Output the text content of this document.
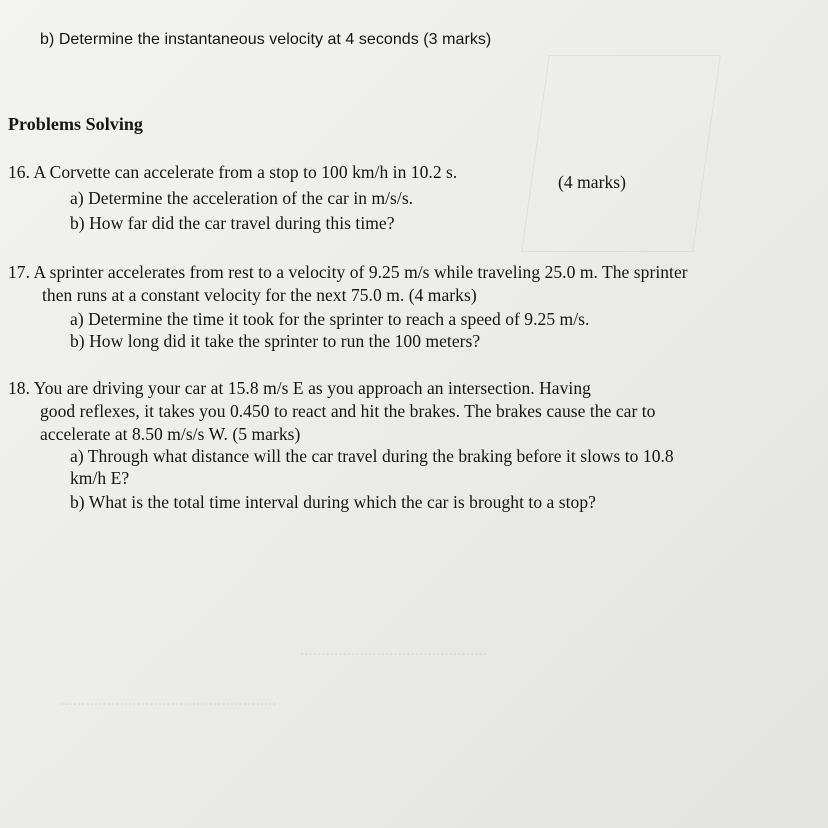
............................................
...................................................
b) Determine the instantaneous velocity at 4 seconds (3 marks)
Problems Solving
16. A Corvette can accelerate from a stop to 100 km/h in 10.2 s.	(4 marks)
a) Determine the acceleration of the car in m/s/s.
b) How far did the car travel during this time?
17. A sprinter accelerates from rest to a velocity of 9.25 m/s while traveling 25.0 m. The sprinter
then runs at a constant velocity for the next 75.0 m. (4 marks)
a) Determine the time it took for the sprinter to reach a speed of 9.25 m/s.
b) How long did it take the sprinter to run the 100 meters?
18. You are driving your car at 15.8 m/s E as you approach an intersection. Having
good reflexes, it takes you 0.450 to react and hit the brakes. The brakes cause the car to
accelerate at 8.50 m/s/s W. (5 marks)
a) Through what distance will the car travel during the braking before it slows to 10.8
km/h E?
b) What is the total time interval during which the car is brought to a stop?
